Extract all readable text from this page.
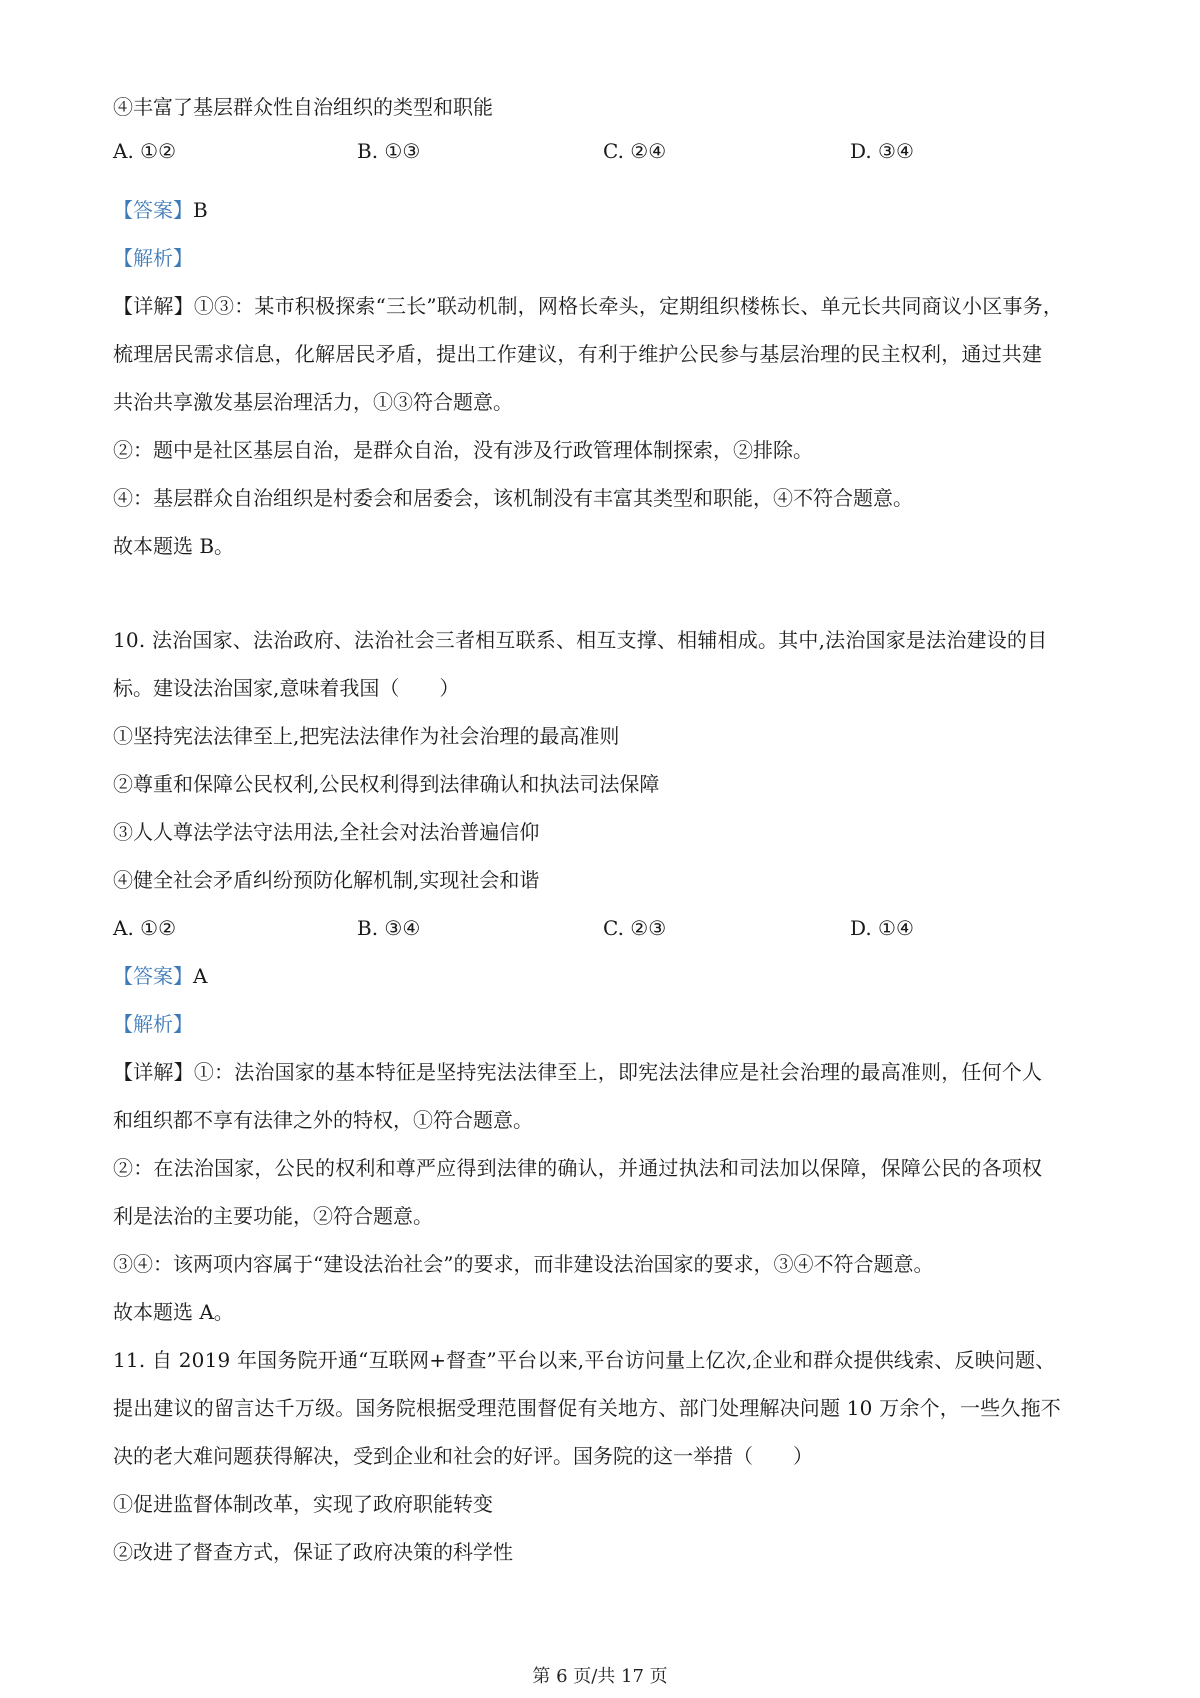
④丰富了基层群众性自治组织的类型和职能
A. ①②	B. ①③	C. ②④	D. ③④
【答案】B
【解析】
【详解】①③：某市积极探索“三长”联动机制，网格长牵头，定期组织楼栋长、单元长共同商议小区事务，
梳理居民需求信息，化解居民矛盾，提出工作建议，有利于维护公民参与基层治理的民主权利，通过共建
共治共享激发基层治理活力，①③符合题意。
②：题中是社区基层自治，是群众自治，没有涉及行政管理体制探索，②排除。
④：基层群众自治组织是村委会和居委会，该机制没有丰富其类型和职能，④不符合题意。
故本题选 B。
10. 法治国家、法治政府、法治社会三者相互联系、相互支撑、相辅相成。其中,法治国家是法治建设的目
标。建设法治国家,意味着我国（　　）
①坚持宪法法律至上,把宪法法律作为社会治理的最高准则
②尊重和保障公民权利,公民权利得到法律确认和执法司法保障
③人人尊法学法守法用法,全社会对法治普遍信仰
④健全社会矛盾纠纷预防化解机制,实现社会和谐
A. ①②	B. ③④	C. ②③	D. ①④
【答案】A
【解析】
【详解】①：法治国家的基本特征是坚持宪法法律至上，即宪法法律应是社会治理的最高准则，任何个人
和组织都不享有法律之外的特权，①符合题意。
②：在法治国家，公民的权利和尊严应得到法律的确认，并通过执法和司法加以保障，保障公民的各项权
利是法治的主要功能，②符合题意。
③④：该两项内容属于“建设法治社会”的要求，而非建设法治国家的要求，③④不符合题意。
故本题选 A。
11. 自 2019 年国务院开通“互联网+督查”平台以来,平台访问量上亿次,企业和群众提供线索、反映问题、
提出建议的留言达千万级。国务院根据受理范围督促有关地方、部门处理解决问题 10 万余个，一些久拖不
决的老大难问题获得解决，受到企业和社会的好评。国务院的这一举措（　　）
①促进监督体制改革，实现了政府职能转变
②改进了督查方式，保证了政府决策的科学性
第 6 页/共 17 页
